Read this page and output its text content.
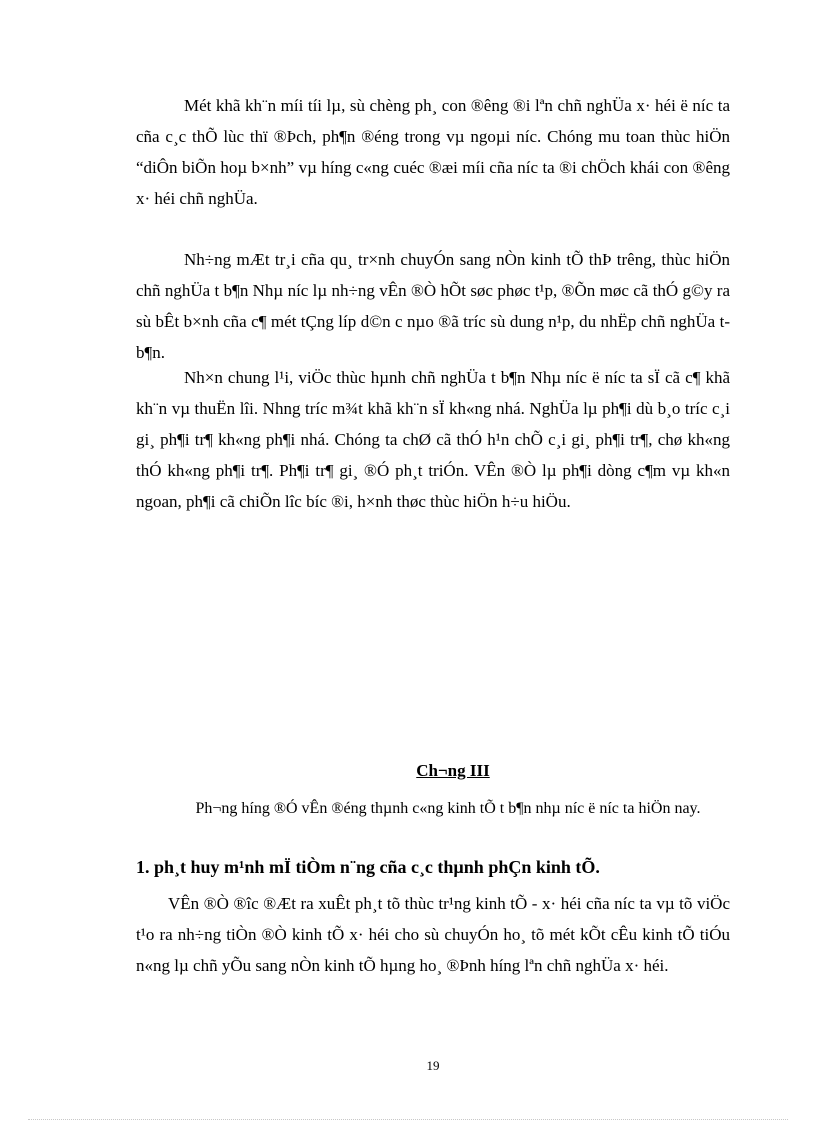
Mét khã kh¨n míi tíi lµ, sù chèng ph¸ con ®êng ®i lªn chñ nghÜa x· héi ë níc ta cña c¸c thÕ lùc thï ®Þch, ph¶n ®éng trong vµ ngoµi níc. Chóng mu toan thùc hiÖn “diÔn biÕn hoµ b×nh” vµ híng c«ng cuéc ®æi míi cña níc ta ®i chÖch khái con ®êng x· héi chñ nghÜa.

Nh÷ng mÆt tr¸i cña qu¸ tr×nh chuyÓn sang nÒn kinh tÕ thÞ trêng, thùc hiÖn chñ nghÜa t b¶n Nhµ níc lµ nh÷ng vÊn ®Ò hÕt søc phøc t¹p, ®Õn møc cã thÓ g©y ra sù bÊt b×nh cña c¶ mét tÇng líp d©n c nµo ®ã tríc sù dung n¹p, du nhËp chñ nghÜa t b¶n.

Nh×n chung l¹i, viÖc thùc hµnh chñ nghÜa t b¶n Nhµ níc ë níc ta sÏ cã c¶ khã kh¨n vµ thuËn lîi. Nhng tríc m¾t khã kh¨n sÏ kh«ng nhá. NghÜa lµ ph¶i dù b¸o tríc c¸i gi¸ ph¶i tr¶ kh«ng ph¶i nhá. Chóng ta chØ cã thÓ h¹n chÕ c¸i gi¸ ph¶i tr¶, chø kh«ng thÓ kh«ng ph¶i tr¶. Ph¶i tr¶ gi¸ ®Ó ph¸t triÓn. VÊn ®Ò lµ ph¶i dòng c¶m vµ kh«n ngoan, ph¶i cã chiÕn lîc bíc ®i, h×nh thøc thùc hiÖn h÷u hiÖu.

Ch¬ng III

Ph¬ng híng ®Ó vÊn ®éng thµnh c«ng kinh tÕ t b¶n nhµ níc ë níc ta hiÖn nay.

1. ph¸t huy m¹nh mÏ tiÒm n¨ng cña c¸c thµnh phÇn kinh tÕ.

VÊn ®Ò ®îc ®Æt ra xuÊt ph¸t tõ thùc tr¹ng kinh tÕ - x· héi cña níc ta vµ tõ viÖc t¹o ra nh÷ng tiÒn ®Ò kinh tÕ x· héi cho sù chuyÓn ho¸ tõ mét kÕt cÊu kinh tÕ tiÓu n«ng lµ chñ yÕu sang nÒn kinh tÕ hµng ho¸ ®Þnh híng lªn chñ nghÜa x· héi.

19
